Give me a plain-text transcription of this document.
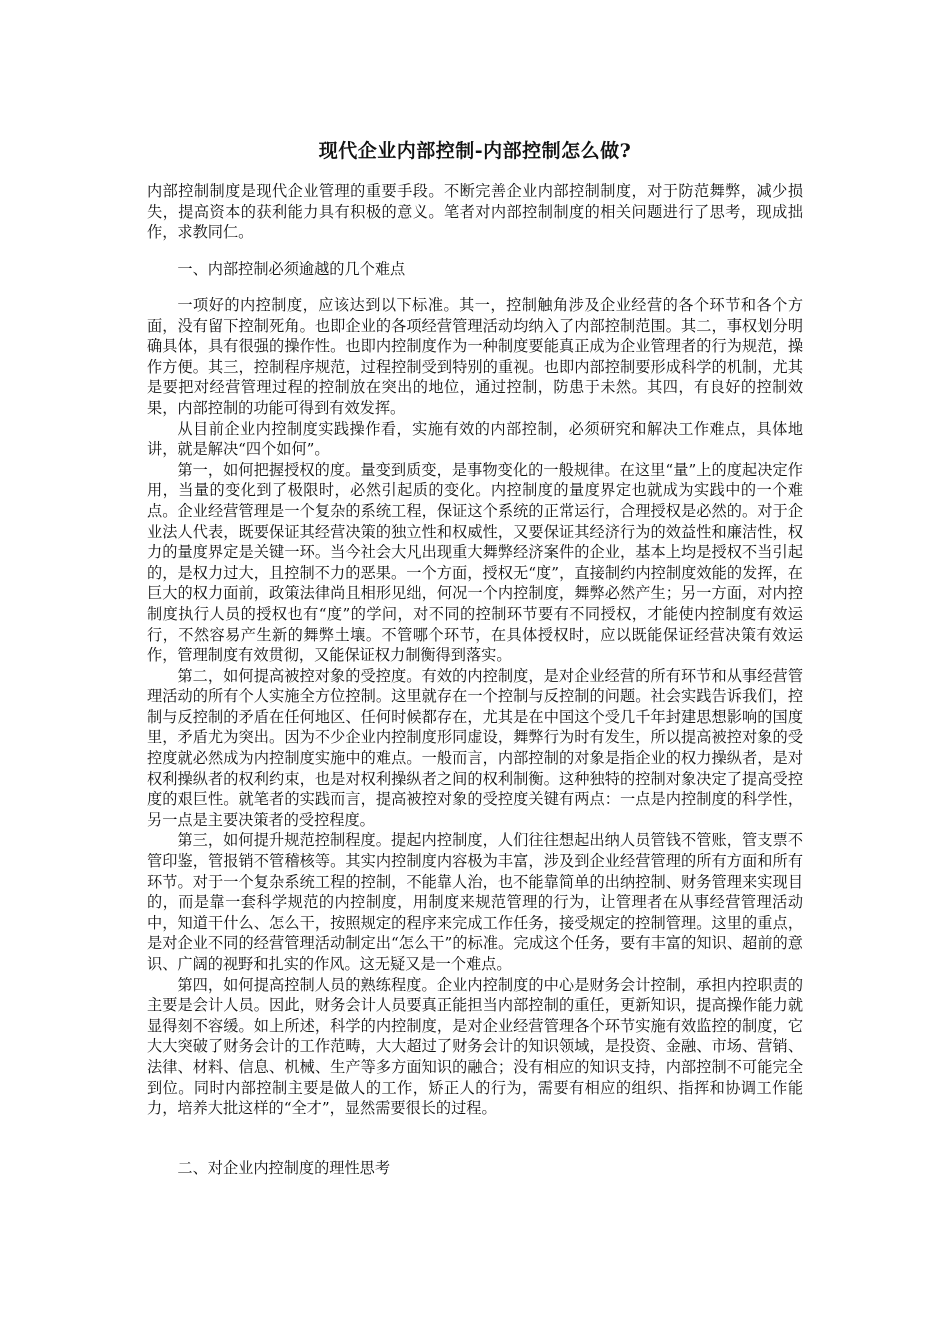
现代企业内部控制-内部控制怎么做?

内部控制制度是现代企业管理的重要手段。不断完善企业内部控制制度，对于防范舞弊，减少损失，提高资本的获利能力具有积极的意义。笔者对内部控制制度的相关问题进行了思考，现成拙作，求教同仁。

一、内部控制必须逾越的几个难点

一项好的内控制度，应该达到以下标准。其一，控制触角涉及企业经营的各个环节和各个方面，没有留下控制死角。也即企业的各项经营管理活动均纳入了内部控制范围。其二，事权划分明确具体，具有很强的操作性。也即内控制度作为一种制度要能真正成为企业管理者的行为规范，操作方便。其三，控制程序规范，过程控制受到特别的重视。也即内部控制要形成科学的机制，尤其是要把对经营管理过程的控制放在突出的地位，通过控制，防患于未然。其四，有良好的控制效果，内部控制的功能可得到有效发挥。

从目前企业内控制度实践操作看，实施有效的内部控制，必须研究和解决工作难点，具体地讲，就是解决“四个如何”。

第一，如何把握授权的度。量变到质变，是事物变化的一般规律。在这里“量”上的度起决定作用，当量的变化到了极限时，必然引起质的变化。内控制度的量度界定也就成为实践中的一个难点。企业经营管理是一个复杂的系统工程，保证这个系统的正常运行，合理授权是必然的。对于企业法人代表，既要保证其经营决策的独立性和权威性，又要保证其经济行为的效益性和廉洁性，权力的量度界定是关键一环。当今社会大凡出现重大舞弊经济案件的企业，基本上均是授权不当引起的，是权力过大，且控制不力的恶果。一个方面，授权无“度”，直接制约内控制度效能的发挥，在巨大的权力面前，政策法律尚且相形见绌，何况一个内控制度，舞弊必然产生；另一方面，对内控制度执行人员的授权也有“度”的学问，对不同的控制环节要有不同授权，才能使内控制度有效运行，不然容易产生新的舞弊土壤。不管哪个环节，在具体授权时，应以既能保证经营决策有效运作，管理制度有效贯彻，又能保证权力制衡得到落实。

第二，如何提高被控对象的受控度。有效的内控制度，是对企业经营的所有环节和从事经营管理活动的所有个人实施全方位控制。这里就存在一个控制与反控制的问题。社会实践告诉我们，控制与反控制的矛盾在任何地区、任何时候都存在，尤其是在中国这个受几千年封建思想影响的国度里，矛盾尤为突出。因为不少企业内控制度形同虚设，舞弊行为时有发生，所以提高被控对象的受控度就必然成为内控制度实施中的难点。一般而言，内部控制的对象是指企业的权力操纵者，是对权利操纵者的权利约束，也是对权利操纵者之间的权利制衡。这种独特的控制对象决定了提高受控度的艰巨性。就笔者的实践而言，提高被控对象的受控度关键有两点：一点是内控制度的科学性，另一点是主要决策者的受控程度。

第三，如何提升规范控制程度。提起内控制度，人们往往想起出纳人员管钱不管账，管支票不管印鉴，管报销不管稽核等。其实内控制度内容极为丰富，涉及到企业经营管理的所有方面和所有环节。对于一个复杂系统工程的控制，不能靠人治，也不能靠简单的出纳控制、财务管理来实现目的，而是靠一套科学规范的内控制度，用制度来规范管理的行为，让管理者在从事经营管理活动中，知道干什么、怎么干，按照规定的程序来完成工作任务，接受规定的控制管理。这里的重点，是对企业不同的经营管理活动制定出“怎么干”的标准。完成这个任务，要有丰富的知识、超前的意识、广阔的视野和扎实的作风。这无疑又是一个难点。

第四，如何提高控制人员的熟练程度。企业内控制度的中心是财务会计控制，承担内控职责的主要是会计人员。因此，财务会计人员要真正能担当内部控制的重任，更新知识，提高操作能力就显得刻不容缓。如上所述，科学的内控制度，是对企业经营管理各个环节实施有效监控的制度，它大大突破了财务会计的工作范畴，大大超过了财务会计的知识领域，是投资、金融、市场、营销、法律、材料、信息、机械、生产等多方面知识的融合；没有相应的知识支持，内部控制不可能完全到位。同时内部控制主要是做人的工作，矫正人的行为，需要有相应的组织、指挥和协调工作能力，培养大批这样的“全才”，显然需要很长的过程。

二、对企业内控制度的理性思考
